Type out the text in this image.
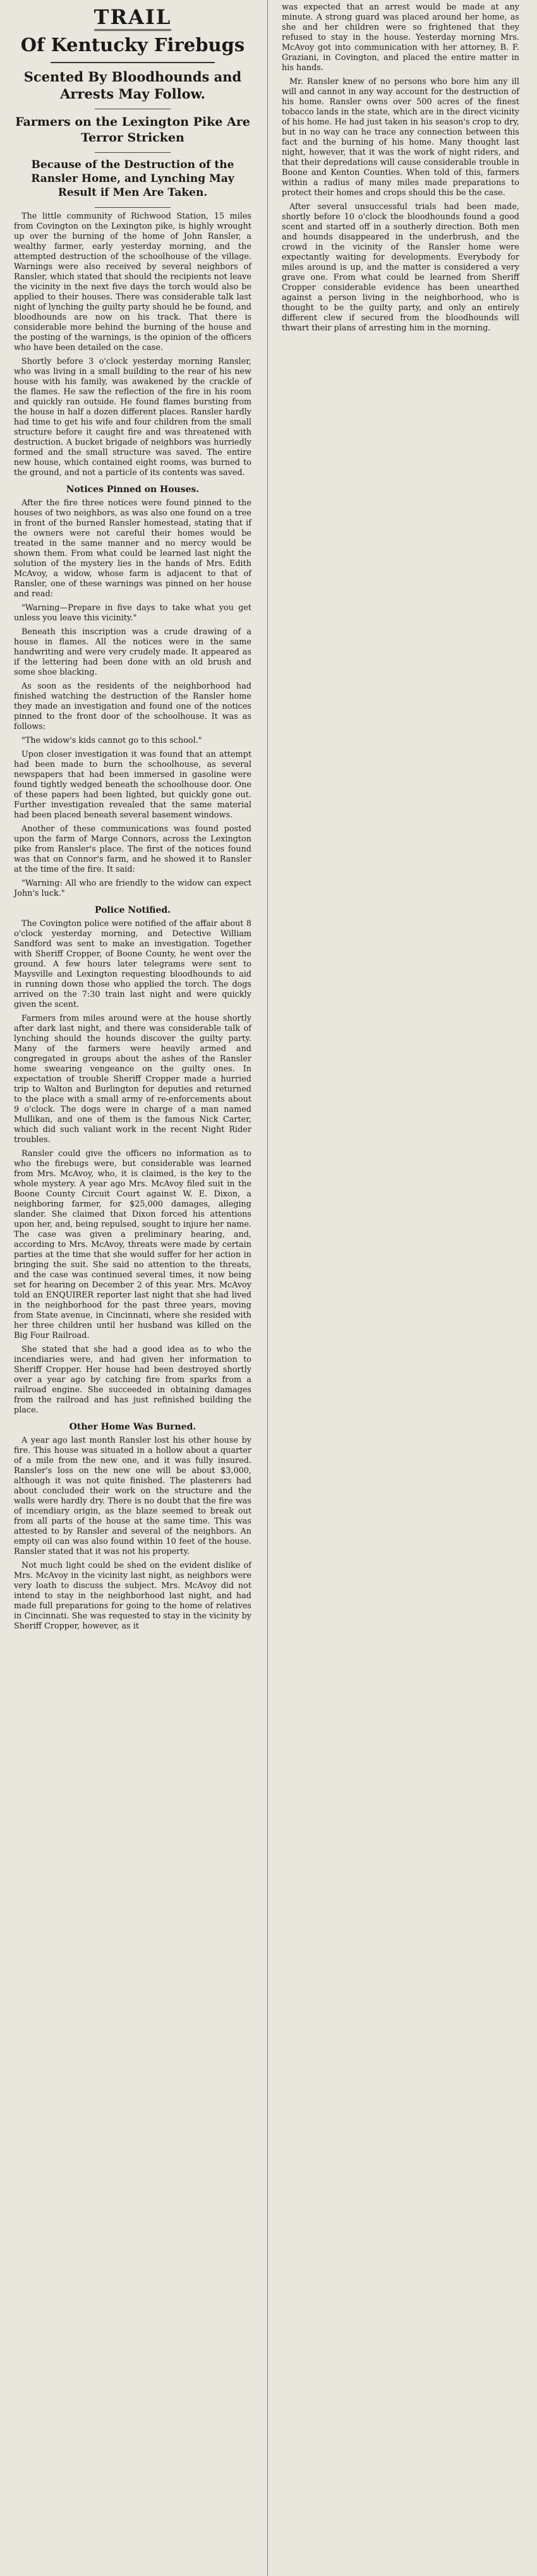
TRAIL
Of Kentucky Firebugs
Scented By Bloodhounds and Arrests May Follow.
Farmers on the Lexington Pike Are Terror Stricken
Because of the Destruction of the Ransler Home, and Lynching May Result if Men Are Taken.

The little community of Richwood Station, 15 miles from Covington on the Lexington pike, is highly wrought up over the burning of the home of John Ransler, a wealthy farmer, early yesterday morning, and the attempted destruction of the schoolhouse of the village. Warnings were also received by several neighbors of Ransler, which stated that should the recipients not leave the vicinity in the next five days the torch would also be applied to their houses. There was considerable talk last night of lynching the guilty party should he be found, and bloodhounds are now on his track. That there is considerable more behind the burning of the house and the posting of the warnings, is the opinion of the officers who have been detailed on the case.

Shortly before 3 o'clock yesterday morning Ransler, who was living in a small building to the rear of his new house with his family, was awakened by the crackle of the flames. He saw the reflection of the fire in his room and quickly ran outside. He found flames bursting from the house in half a dozen different places. Ransler hardly had time to get his wife and four children from the small structure before it caught fire and was threatened with destruction. A bucket brigade of neighbors was hurriedly formed and the small structure was saved. The entire new house, which contained eight rooms, was burned to the ground, and not a particle of its contents was saved.

Notices Pinned on Houses.

After the fire three notices were found pinned to the houses of two neighbors, as was also one found on a tree in front of the burned Ransler homestead, stating that if the owners were not careful their homes would be treated in the same manner and no mercy would be shown them. From what could be learned last night the solution of the mystery lies in the hands of Mrs. Edith McAvoy, a widow, whose farm is adjacent to that of Ransler, one of these warnings was pinned on her house and read:

"Warning—Prepare in five days to take what you get unless you leave this vicinity."

Beneath this inscription was a crude drawing of a house in flames. All the notices were in the same handwriting and were very crudely made. It appeared as if the lettering had been done with an old brush and some shoe blacking.

As soon as the residents of the neighborhood had finished watching the destruction of the Ransler home they made an investigation and found one of the notices pinned to the front door of the schoolhouse. It was as follows:

"The widow's kids cannot go to this school."

Upon closer investigation it was found that an attempt had been made to burn the schoolhouse, as several newspapers that had been immersed in gasoline were found tightly wedged beneath the schoolhouse door. One of these papers had been lighted, but quickly gone out. Further investigation revealed that the same material had been placed beneath several basement windows.

Another of these communications was found posted upon the farm of Marge Connors, across the Lexington pike from Ransler's place. The first of the notices found was that on Connor's farm, and he showed it to Ransler at the time of the fire. It said:

"Warning: All who are friendly to the widow can expect John's luck."

Police Notified.

The Covington police were notified of the affair about 8 o'clock yesterday morning, and Detective William Sandford was sent to make an investigation. Together with Sheriff Cropper, of Boone County, he went over the ground. A few hours later telegrams were sent to Maysville and Lexington requesting bloodhounds to aid in running down those who applied the torch. The dogs arrived on the 7:30 train last night and were quickly given the scent.

Farmers from miles around were at the house shortly after dark last night, and there was considerable talk of lynching should the hounds discover the guilty party. Many of the farmers were heavily armed and congregated in groups about the ashes of the Ransler home swearing vengeance on the guilty ones. In expectation of trouble Sheriff Cropper made a hurried trip to Walton and Burlington for deputies and returned to the place with a small army of re-enforcements about 9 o'clock. The dogs were in charge of a man named Mullikan, and one of them is the famous Nick Carter, which did such valiant work in the recent Night Rider troubles.

Ransler could give the officers no information as to who the firebugs were, but considerable was learned from Mrs. McAvoy, who, it is claimed, is the key to the whole mystery. A year ago Mrs. McAvoy filed suit in the Boone County Circuit Court against W. E. Dixon, a neighboring farmer, for $25,000 damages, alleging slander. She claimed that Dixon forced his attentions upon her, and, being repulsed, sought to injure her name. The case was given a preliminary hearing, and, according to Mrs. McAvoy, threats were made by certain parties at the time that she would suffer for her action in bringing the suit. She said no attention to the threats, and the case was continued several times, it now being set for hearing on December 2 of this year. Mrs. McAvoy told an ENQUIRER reporter last night that she had lived in the neighborhood for the past three years, moving from State avenue, in Cincinnati, where she resided with her three children until her husband was killed on the Big Four Railroad.

She stated that she had a good idea as to who the incendiaries were, and had given her information to Sheriff Cropper. Her house had been destroyed shortly over a year ago by catching fire from sparks from a railroad engine. She succeeded in obtaining damages from the railroad and has just refinished building the place.

Other Home Was Burned.

A year ago last month Ransler lost his other house by fire. This house was situated in a hollow about a quarter of a mile from the new one, and it was fully insured. Ransler's loss on the new one will be about $3,000, although it was not quite finished. The plasterers had about concluded their work on the structure and the walls were hardly dry. There is no doubt that the fire was of incendiary origin, as the blaze seemed to break out from all parts of the house at the same time. This was attested to by Ransler and several of the neighbors. An empty oil can was also found within 10 feet of the house. Ransler stated that it was not his property.

Not much light could be shed on the evident dislike of Mrs. McAvoy in the vicinity last night, as neighbors were very loath to discuss the subject. Mrs. McAvoy did not intend to stay in the neighborhood last night, and had made full preparations for going to the home of relatives in Cincinnati. She was requested to stay in the vicinity by Sheriff Cropper, however, as it

was expected that an arrest would be made at any minute. A strong guard was placed around her home, as she and her children were so frightened that they refused to stay in the house. Yesterday morning Mrs. McAvoy got into communication with her attorney, B. F. Graziani, in Covington, and placed the entire matter in his hands.

Mr. Ransler knew of no persons who bore him any ill will and cannot in any way account for the destruction of his home. Ransler owns over 500 acres of the finest tobacco lands in the state, which are in the direct vicinity of his home. He had just taken in his season's crop to dry, but in no way can he trace any connection between this fact and the burning of his home. Many thought last night, however, that it was the work of night riders, and that their depredations will cause considerable trouble in Boone and Kenton Counties. When told of this, farmers within a radius of many miles made preparations to protect their homes and crops should this be the case.

After several unsuccessful trials had been made, shortly before 10 o'clock the bloodhounds found a good scent and started off in a southerly direction. Both men and hounds disappeared in the underbrush, and the crowd in the vicinity of the Ransler home were expectantly waiting for developments. Everybody for miles around is up, and the matter is considered a very grave one. From what could be learned from Sheriff Cropper considerable evidence has been unearthed against a person living in the neighborhood, who is thought to be the guilty party, and only an entirely different clew if secured from the bloodhounds will thwart their plans of arresting him in the morning.
